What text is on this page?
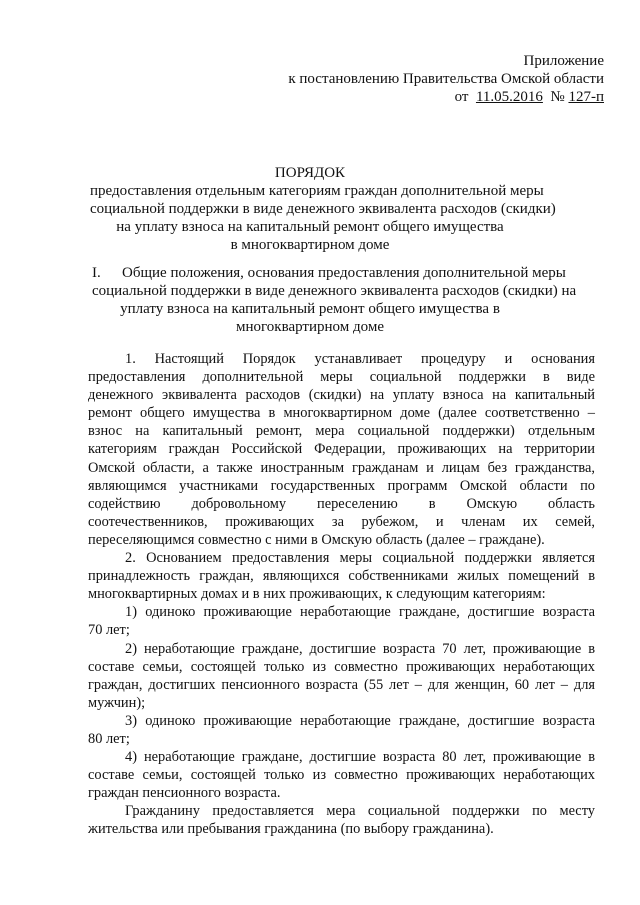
Приложение
к постановлению Правительства Омской области
от 11.05.2016 № 127-п
ПОРЯДОК
предоставления отдельным категориям граждан дополнительной меры
социальной поддержки в виде денежного эквивалента расходов (скидки)
на уплату взноса на капитальный ремонт общего имущества
в многоквартирном доме
I.	Общие положения, основания предоставления дополнительной меры
социальной поддержки в виде денежного эквивалента расходов (скидки) на
уплату взноса на капитальный ремонт общего имущества в
многоквартирном доме
1. Настоящий Порядок устанавливает процедуру и основания
предоставления дополнительной меры социальной поддержки в виде
денежного эквивалента расходов (скидки) на уплату взноса на капитальный
ремонт общего имущества в многоквартирном доме (далее соответственно –
взнос на капитальный ремонт, мера социальной поддержки) отдельным
категориям граждан Российской Федерации, проживающих на территории
Омской области, а также иностранным гражданам и лицам без гражданства,
являющимся участниками государственных программ Омской области по
содействию добровольному переселению в Омскую область
соотечественников, проживающих за рубежом, и членам их семей,
переселяющимся совместно с ними в Омскую область (далее – граждане).
2. Основанием предоставления меры социальной поддержки является
принадлежность граждан, являющихся собственниками жилых помещений в
многоквартирных домах и в них проживающих, к следующим категориям:
1) одиноко проживающие неработающие граждане, достигшие возраста
70 лет;
2) неработающие граждане, достигшие возраста 70 лет, проживающие в
составе семьи, состоящей только из совместно проживающих неработающих
граждан, достигших пенсионного возраста (55 лет – для женщин, 60 лет – для
мужчин);
3) одиноко проживающие неработающие граждане, достигшие возраста
80 лет;
4) неработающие граждане, достигшие возраста 80 лет, проживающие в
составе семьи, состоящей только из совместно проживающих неработающих
граждан пенсионного возраста.
Гражданину предоставляется мера социальной поддержки по месту
жительства или пребывания гражданина (по выбору гражданина).
